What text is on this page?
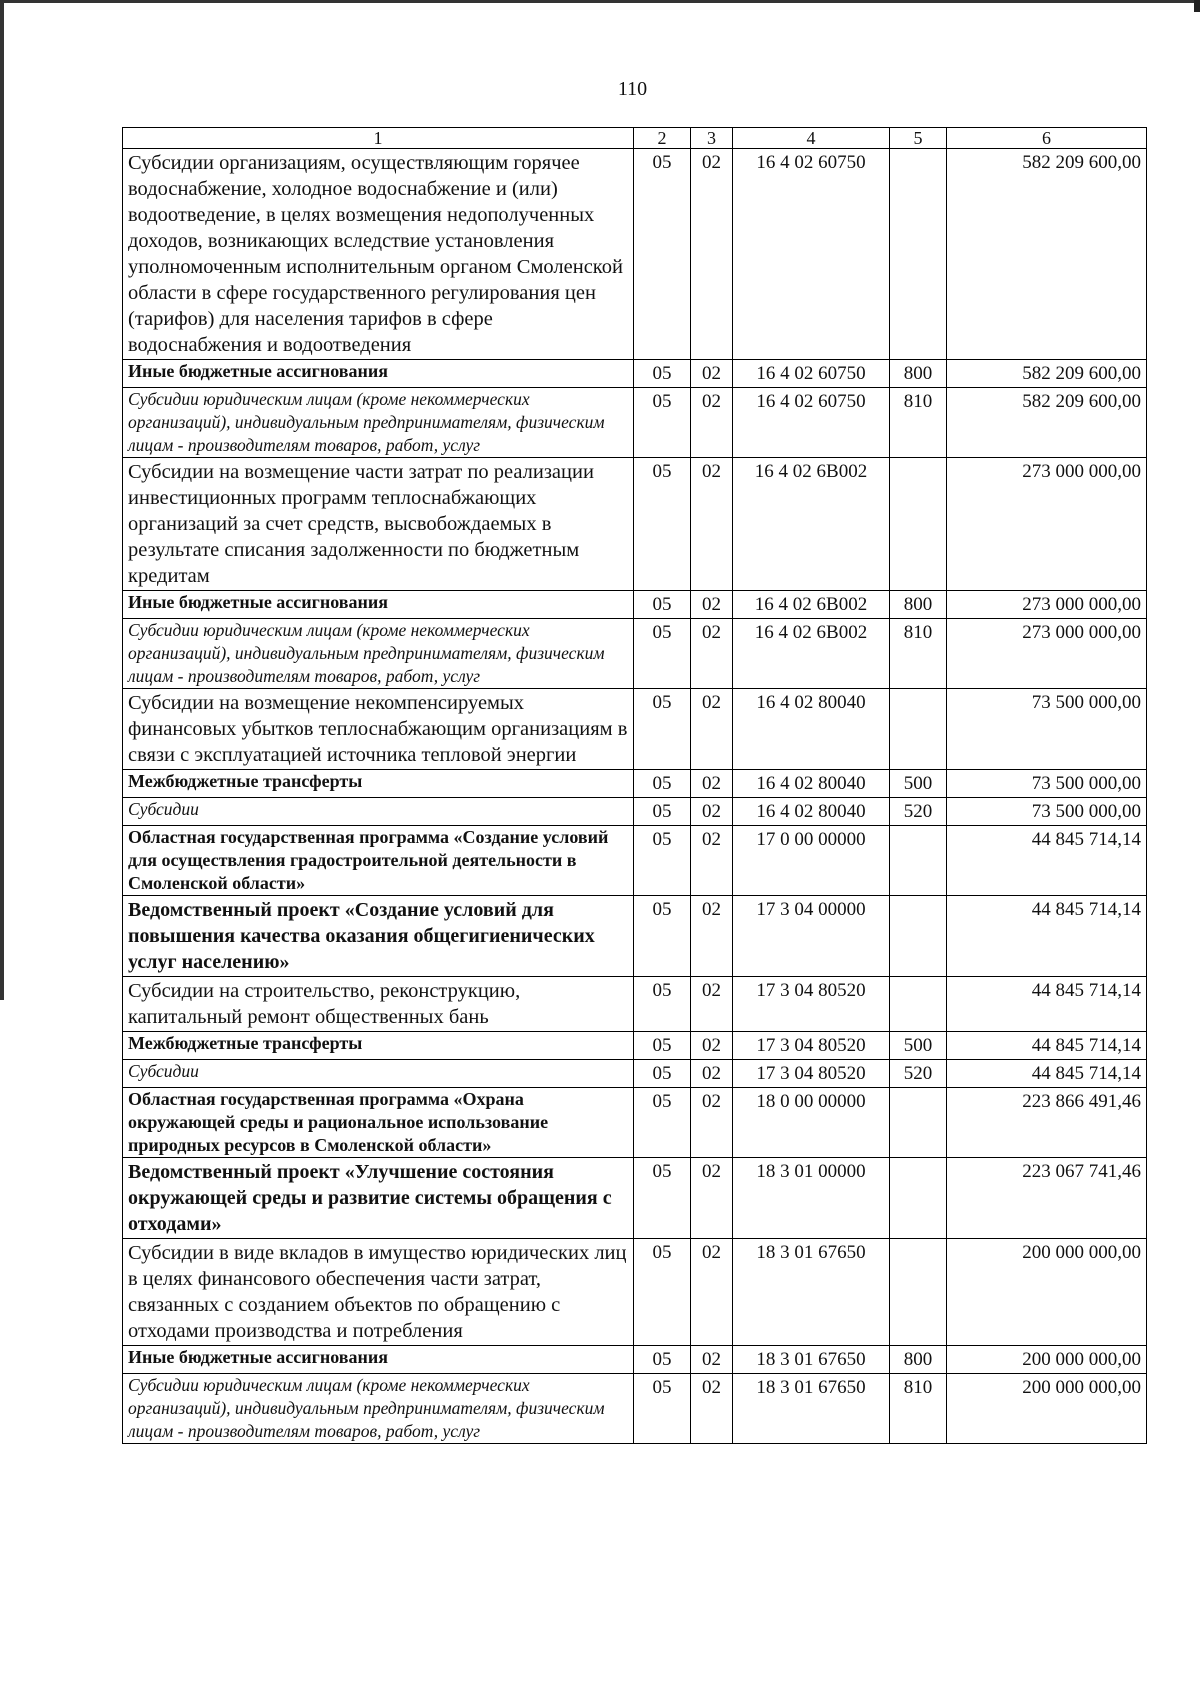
110
1	2	3	4	5	6
Субсидии организациям, осуществляющим горячее водоснабжение, холодное водоснабжение и (или) водоотведение, в целях возмещения недополученных доходов, возникающих вследствие установления уполномоченным исполнительным органом Смоленской области в сфере государственного регулирования цен (тарифов) для населения тарифов в сфере водоснабжения и водоотведения	05	02	16 4 02 60750		582 209 600,00
Иные бюджетные ассигнования	05	02	16 4 02 60750	800	582 209 600,00
Субсидии юридическим лицам (кроме некоммерческих организаций), индивидуальным предпринимателям, физическим лицам - производителям товаров, работ, услуг	05	02	16 4 02 60750	810	582 209 600,00
Субсидии на возмещение части затрат по реализации инвестиционных программ теплоснабжающих организаций за счет средств, высвобождаемых в результате списания задолженности по бюджетным кредитам	05	02	16 4 02 6В002		273 000 000,00
Иные бюджетные ассигнования	05	02	16 4 02 6В002	800	273 000 000,00
Субсидии юридическим лицам (кроме некоммерческих организаций), индивидуальным предпринимателям, физическим лицам - производителям товаров, работ, услуг	05	02	16 4 02 6В002	810	273 000 000,00
Субсидии на возмещение некомпенсируемых финансовых убытков теплоснабжающим организациям в связи с эксплуатацией источника тепловой энергии	05	02	16 4 02 80040		73 500 000,00
Межбюджетные трансферты	05	02	16 4 02 80040	500	73 500 000,00
Субсидии	05	02	16 4 02 80040	520	73 500 000,00
Областная государственная программа «Создание условий для осуществления градостроительной деятельности в Смоленской области»	05	02	17 0 00 00000		44 845 714,14
Ведомственный проект «Создание условий для повышения качества оказания общегигиенических услуг населению»	05	02	17 3 04 00000		44 845 714,14
Субсидии на строительство, реконструкцию, капитальный ремонт общественных бань	05	02	17 3 04 80520		44 845 714,14
Межбюджетные трансферты	05	02	17 3 04 80520	500	44 845 714,14
Субсидии	05	02	17 3 04 80520	520	44 845 714,14
Областная государственная программа «Охрана окружающей среды и рациональное использование природных ресурсов в Смоленской области»	05	02	18 0 00 00000		223 866 491,46
Ведомственный проект «Улучшение состояния окружающей среды и развитие системы обращения с отходами»	05	02	18 3 01 00000		223 067 741,46
Субсидии в виде вкладов в имущество юридических лиц в целях финансового обеспечения части затрат, связанных с созданием объектов по обращению с отходами производства и потребления	05	02	18 3 01 67650		200 000 000,00
Иные бюджетные ассигнования	05	02	18 3 01 67650	800	200 000 000,00
Субсидии юридическим лицам (кроме некоммерческих организаций), индивидуальным предпринимателям, физическим лицам - производителям товаров, работ, услуг	05	02	18 3 01 67650	810	200 000 000,00
